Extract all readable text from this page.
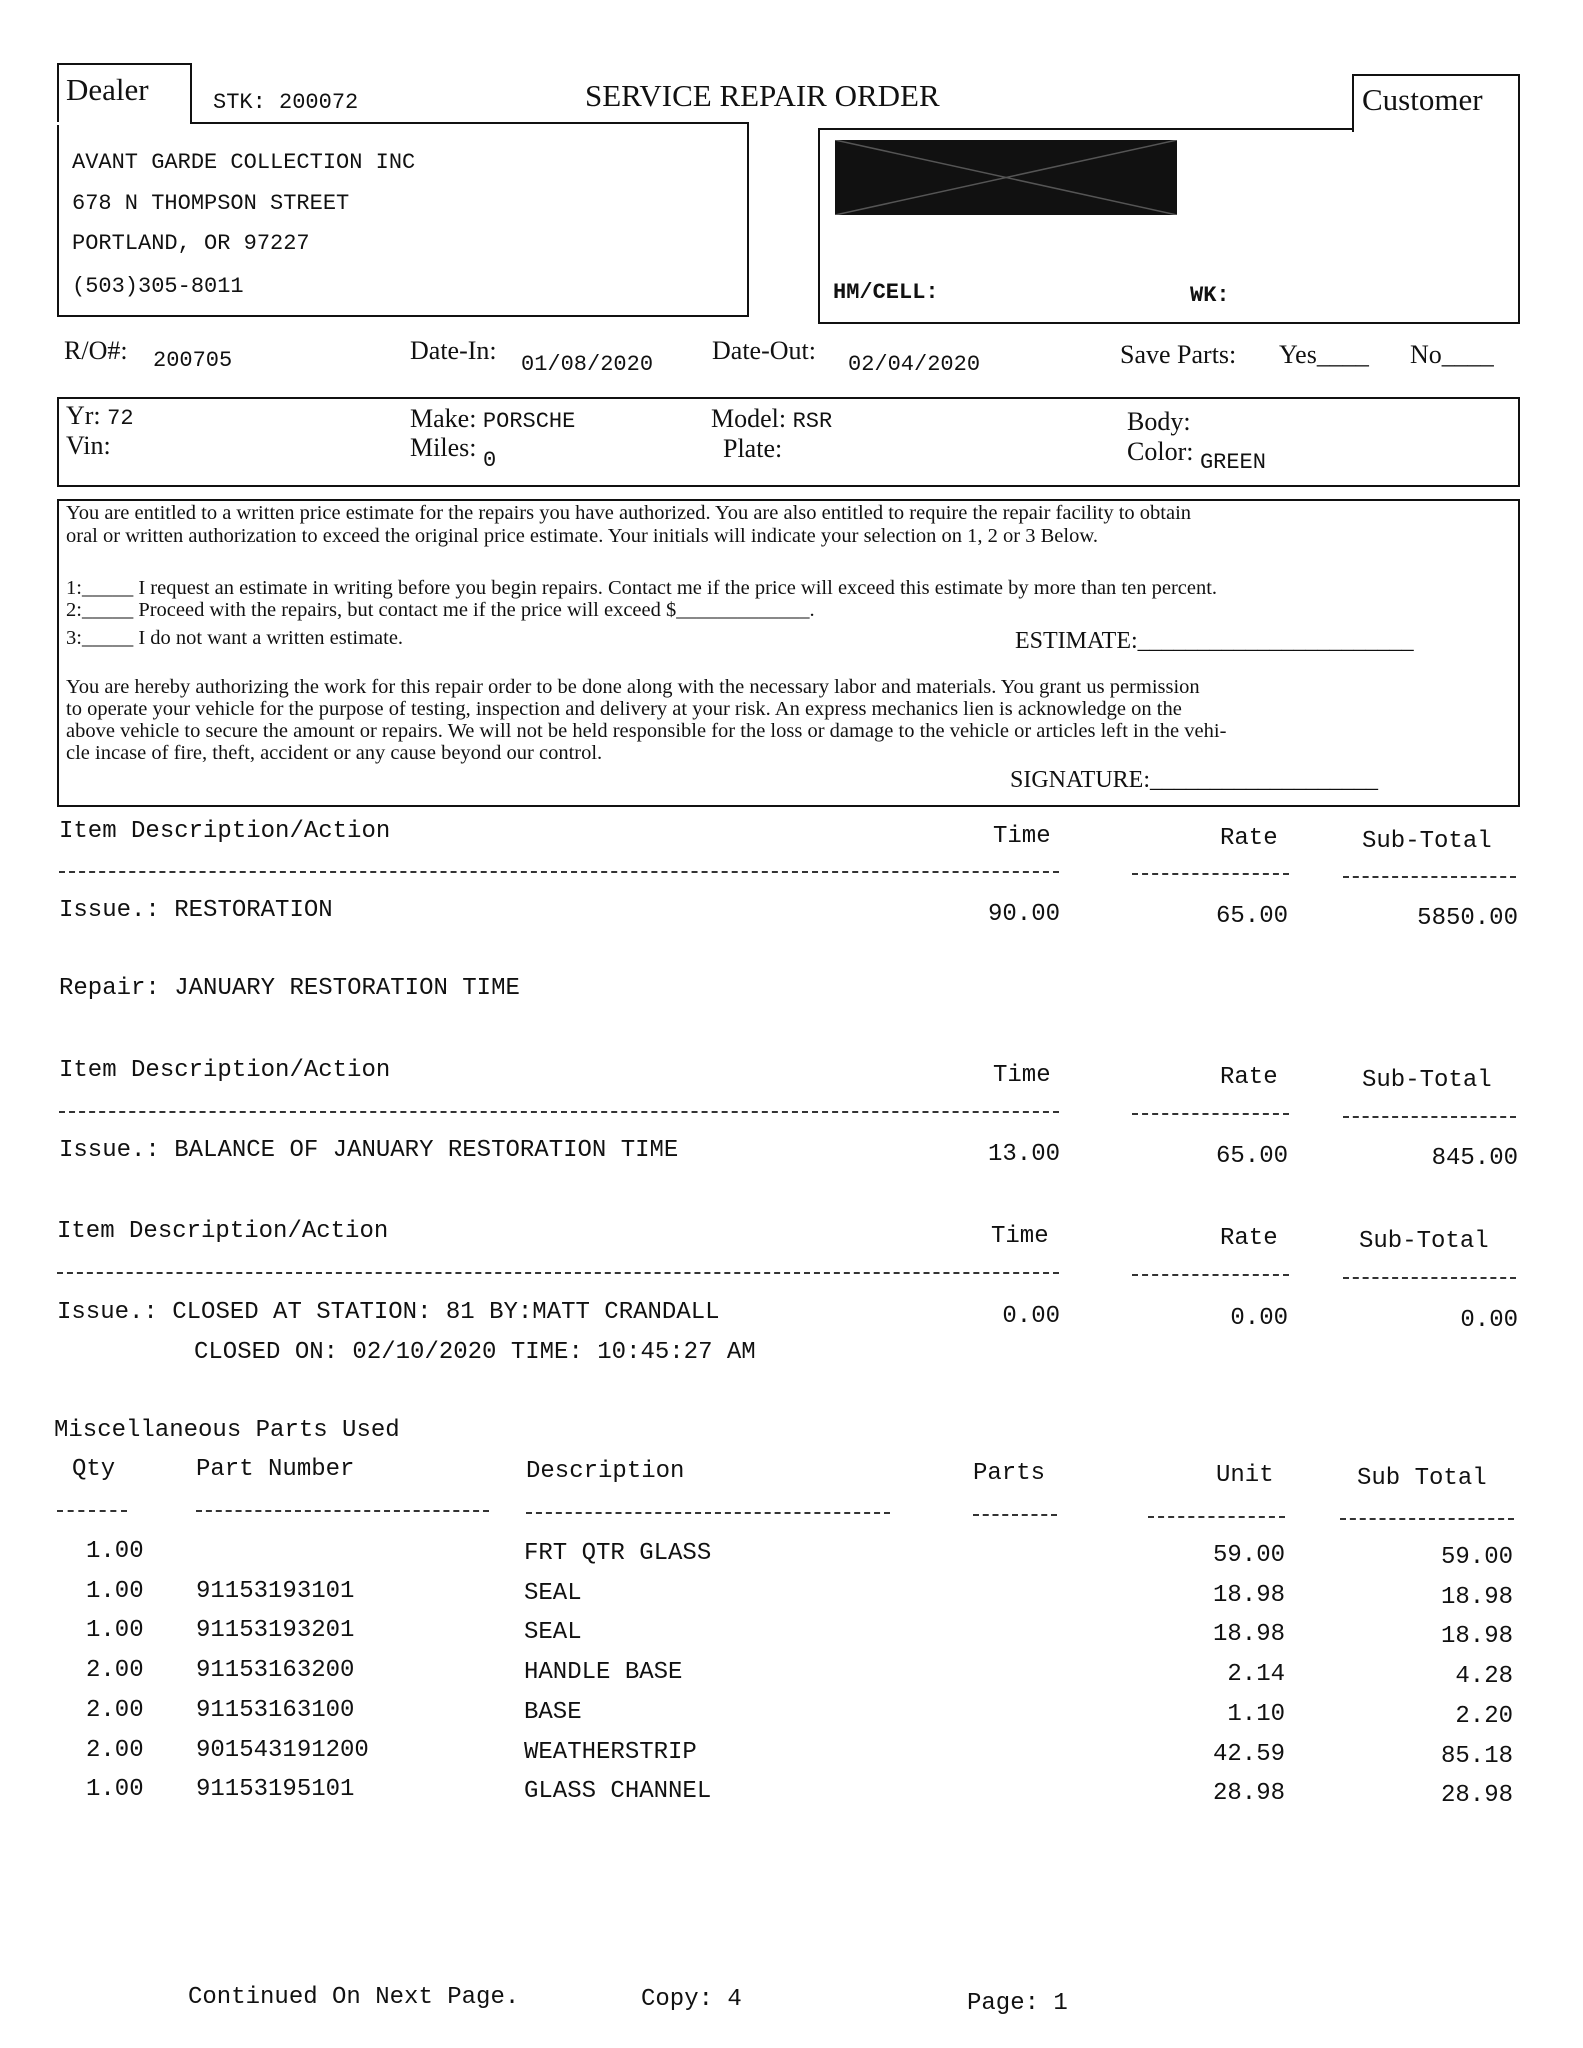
Dealer	STK: 200072	SERVICE REPAIR ORDER
AVANT GARDE COLLECTION INC
678 N THOMPSON STREET
PORTLAND, OR 97227
(503)305-8011
Customer
HM/CELL:	WK:
R/O#: 200705	Date-In: 01/08/2020 Date-Out: 02/04/2020	Save Parts: Yes____ No____
Yr: 72
Vin:
Make: PORSCHE
Miles: $_0$
Model: RSR
Plate:
Body:
Color: $_{GREEN}$
You are entitled to a written price estimate for the repairs you have authorized. You are also entitled to require the repair facility to obtain
oral or written authorization to exceed the original price estimate. Your initials will indicate your selection on 1, 2 or 3 Below.
1:_____ I request an estimate in writing before you begin repairs. Contact me if the price will exceed this estimate by more than ten percent.
2:_____ Proceed with the repairs, but contact me if the price will exceed $_____________.
3:_____ I do not want a written estimate.	ESTIMATE:_______________________
You are hereby authorizing the work for this repair order to be done along with the necessary labor and materials. You grant us permission
to operate your vehicle for the purpose of testing, inspection and delivery at your risk. An express mechanics lien is acknowledge on the
above vehicle to secure the amount or repairs. We will not be held responsible for the loss or damage to the vehicle or articles left in the vehi-
cle incase of fire, theft, accident or any cause beyond our control.
SIGNATURE:___________________
Item Description/Action	Time	Rate	Sub-Total
Issue.: RESTORATION	90.00	65.00	5850.00
Repair: JANUARY RESTORATION TIME
Item Description/Action	Time	Rate	Sub-Total
Issue.: BALANCE OF JANUARY RESTORATION TIME	13.00	65.00	845.00
Item Description/Action	Time	Rate	Sub-Total
Issue.: CLOSED AT STATION: 81 BY:MATT CRANDALL
CLOSED ON: 02/10/2020 TIME: 10:45:27 AM
0.00	0.00	0.00
Miscellaneous Parts Used
Qty	Part Number	Description	Parts	Unit	Sub Total
1.00	FRT QTR GLASS	59.00	59.00
1.00 91153193101	SEAL	18.98	18.98
1.00 91153193201	SEAL	18.98	18.98
2.00 91153163200	HANDLE BASE	2.14	4.28
2.00 91153163100	BASE	1.10	2.20
2.00 901543191200	WEATHERSTRIP	42.59	85.18
1.00 91153195101	GLASS CHANNEL	28.98	28.98
Continued On Next Page.	Copy: 4	Page: 1
